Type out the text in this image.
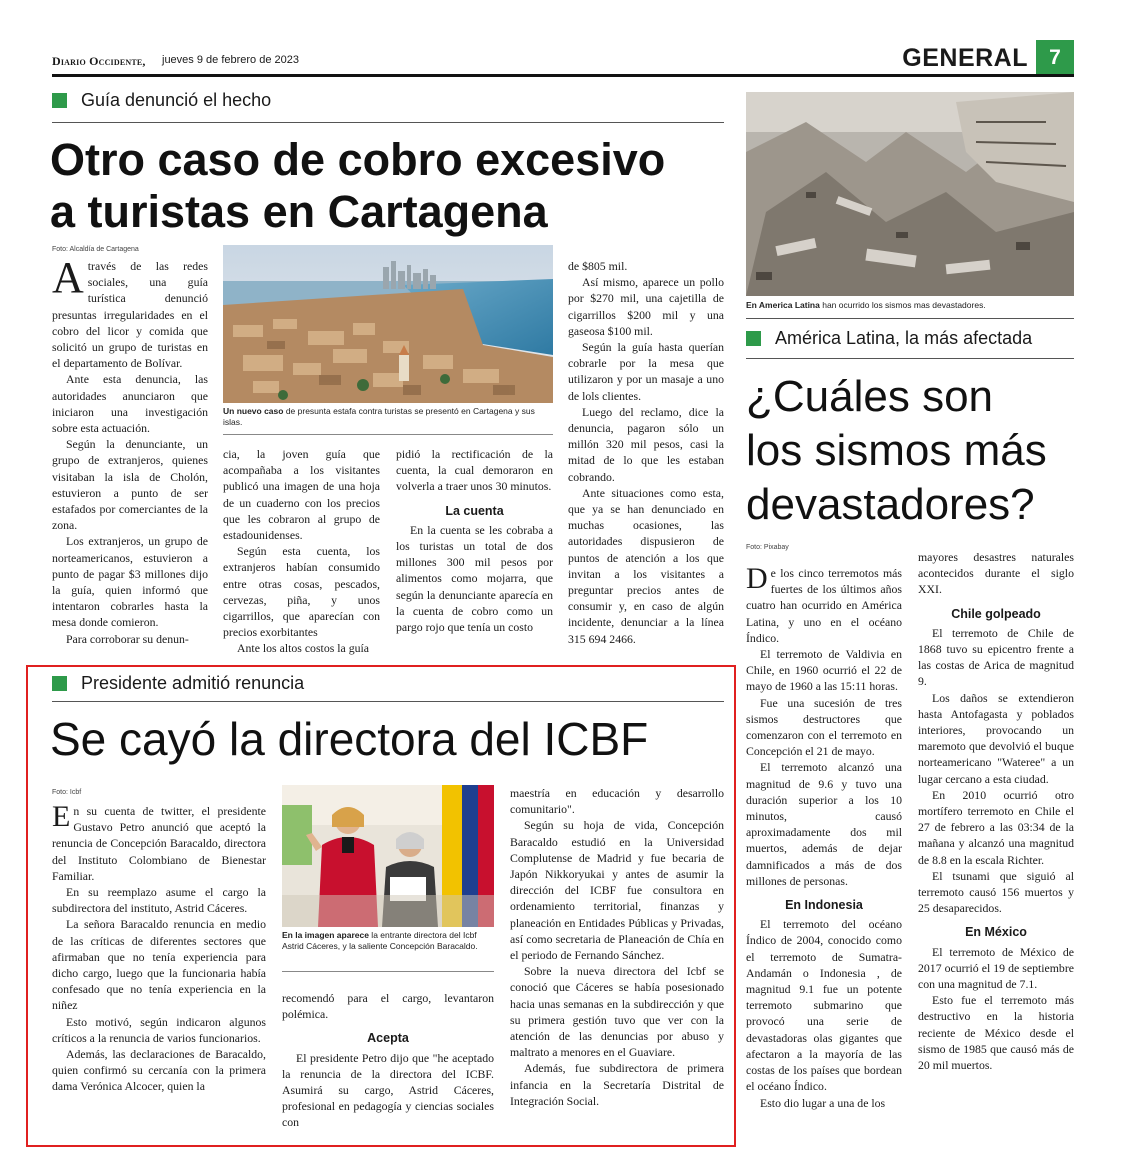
Diario Occidente, jueves 9 de febrero de 2023	GENERAL	7
Guía denunció el hecho
Otro caso de cobro excesivo
a turistas en Cartagena
Foto: Alcaldía de Cartagena
Un nuevo caso de presunta estafa contra turistas se presentó en Cartagena y sus islas.

Através de las redes sociales, una guía turística denunció presuntas irregularidades en el cobro del licor y comida que solicitó un grupo de turistas en el departamento de Bolívar.

Ante esta denuncia, las autoridades anunciaron que iniciaron una investigación sobre esta actuación.

Según la denunciante, un grupo de extranjeros, quienes visitaban la isla de Cholón, estuvieron a punto de ser estafados por comerciantes de la zona.

Los extranjeros, un grupo de norteamericanos, estuvieron a punto de pagar $3 millones dijo la guía, quien informó que intentaron cobrarles hasta la mesa donde comieron.

Para corroborar su denun-

cia, la joven guía que acompañaba a los visitantes publicó una imagen de una hoja de un cuaderno con los precios que les cobraron al grupo de estadounidenses.

Según esta cuenta, los extranjeros habían consumido entre otras cosas, pescados, cervezas, piña, y unos cigarrillos, que aparecían con precios exorbitantes

Ante los altos costos la guía

pidió la rectificación de la cuenta, la cual demoraron en volverla a traer unos 30 minutos.

La cuenta

En la cuenta se les cobraba a los turistas un total de dos millones 300 mil pesos por alimentos como mojarra, que según la denunciante aparecía en la cuenta de cobro como un pargo rojo que tenía un costo

de $805 mil.

Así mismo, aparece un pollo por $270 mil, una cajetilla de cigarrillos $200 mil y una gaseosa $100 mil.

Según la guía hasta querían cobrarle por la mesa que utilizaron y por un masaje a uno de lols clientes.

Luego del reclamo, dice la denuncia, pagaron sólo un millón 320 mil pesos, casi la mitad de lo que les estaban cobrando.

Ante situaciones como esta, que ya se han denunciado en muchas ocasiones, las autoridades dispusieron de puntos de atención a los que invitan a los visitantes a preguntar precios antes de consumir y, en caso de algún incidente, denunciar a la línea 315 694 2466.

En America Latina han ocurrido los sismos mas devastadores.
América Latina, la más afectada
¿Cuáles son
los sismos más
devastadores?
Foto: Pixabay

De los cinco terremotos más fuertes de los últimos años cuatro han ocurrido en América Latina, y uno en el océano Índico.

El terremoto de Valdivia en Chile, en 1960 ocurrió el 22 de mayo de 1960 a las 15:11 horas.

Fue una sucesión de tres sismos destructores que comenzaron con el terremoto en Concepción el 21 de mayo.

El terremoto alcanzó una magnitud de 9.6 y tuvo una duración superior a los 10 minutos, causó aproximadamente dos mil muertos, además de dejar damnificados a más de dos millones de personas.

En Indonesia

El terremoto del océano Índico de 2004, conocido como el terremoto de Sumatra-Andamán o Indonesia , de magnitud 9.1 fue un potente terremoto submarino que provocó una serie de devastadoras olas gigantes que afectaron a la mayoría de las costas de los países que bordean el océano Índico.

Esto dio lugar a una de los

mayores desastres naturales acontecidos durante el siglo XXI.

Chile golpeado

El terremoto de Chile de 1868 tuvo su epicentro frente a las costas de Arica de magnitud 9.

Los daños se extendieron hasta Antofagasta y poblados interiores, provocando un maremoto que devolvió el buque norteamericano "Wateree" a un lugar cercano a esta ciudad.

En 2010 ocurrió otro mortífero terremoto en Chile el 27 de febrero a las 03:34 de la mañana y alcanzó una magnitud de 8.8 en la escala Richter.

El tsunami que siguió al terremoto causó 156 muertos y 25 desaparecidos.

En México

El terremoto de México de 2017 ocurrió el 19 de septiembre con una magnitud de 7.1.

Esto fue el terremoto más destructivo en la historia reciente de México desde el sismo de 1985 que causó más de 20 mil muertos.

Presidente admitió renuncia
Se cayó la directora del ICBF
Foto: Icbf
En la imagen aparece la entrante directora del Icbf Astrid Cáceres, y la saliente Concepción Baracaldo.

En su cuenta de twitter, el presidente Gustavo Petro anunció que aceptó la renuncia de Concepción Baracaldo, directora del Instituto Colombiano de Bienestar Familiar.

En su reemplazo asume el cargo la subdirectora del instituto, Astrid Cáceres.

La señora Baracaldo renuncia en medio de las críticas de diferentes sectores que afirmaban que no tenía experiencia para dicho cargo, luego que la funcionaria había confesado que no tenía experiencia en la niñez

Esto motivó, según indicaron algunos críticos a la renuncia de varios funcionarios.

Además, las declaraciones de Baracaldo, quien confirmó su cercanía con la primera dama Verónica Alcocer, quien la

recomendó para el cargo, levantaron polémica.

Acepta

El presidente Petro dijo que "he aceptado la renuncia de la directora del ICBF. Asumirá su cargo, Astrid Cáceres, profesional en pedagogía y ciencias sociales con

maestría en educación y desarrollo comunitario".

Según su hoja de vida, Concepción Baracaldo estudió en la Universidad Complutense de Madrid y fue becaria de Japón Nikkoryukai y antes de asumir la dirección del ICBF fue consultora en ordenamiento territorial, finanzas y planeación en Entidades Públicas y Privadas, así como secretaria de Planeación de Chía en el periodo de Fernando Sánchez.

Sobre la nueva directora del Icbf se conoció que Cáceres se había posesionado hacia unas semanas en la subdirección y que su primera gestión tuvo que ver con la atención de las denuncias por abuso y maltrato a menores en el Guaviare.

Además, fue subdirectora de primera infancia en la Secretaría Distrital de Integración Social.
